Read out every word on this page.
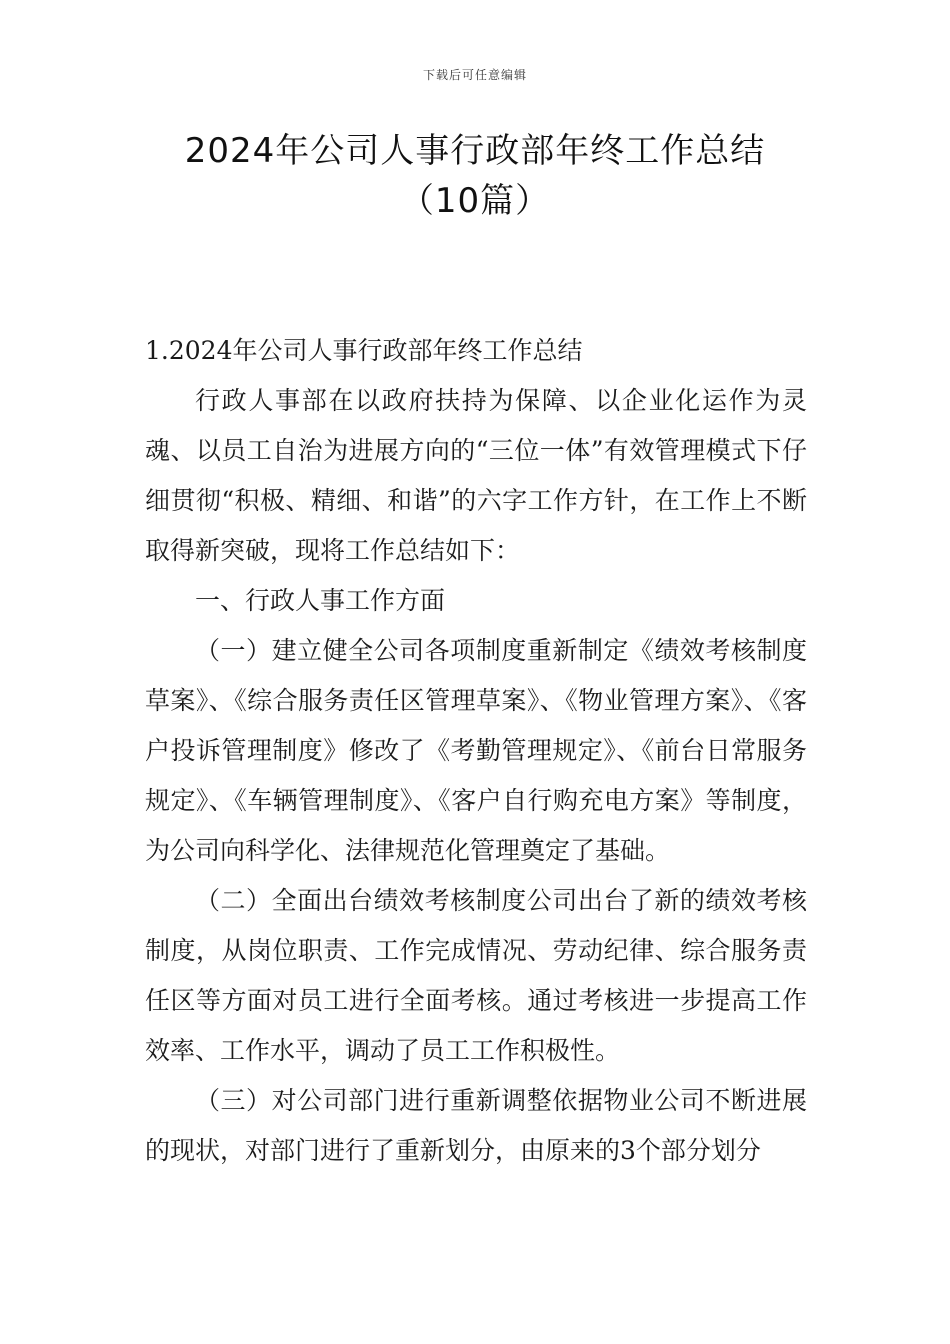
下载后可任意编辑
2024年公司人事行政部年终工作总结（10篇）

1.2024年公司人事行政部年终工作总结

行政人事部在以政府扶持为保障、以企业化运作为灵魂、以员工自治为进展方向的“三位一体”有效管理模式下仔细贯彻“积极、精细、和谐”的六字工作方针，在工作上不断取得新突破，现将工作总结如下：

一、行政人事工作方面

（一）建立健全公司各项制度重新制定《绩效考核制度草案》、《综合服务责任区管理草案》、《物业管理方案》、《客户投诉管理制度》修改了《考勤管理规定》、《前台日常服务规定》、《车辆管理制度》、《客户自行购充电方案》等制度，为公司向科学化、法律规范化管理奠定了基础。

（二）全面出台绩效考核制度公司出台了新的绩效考核制度，从岗位职责、工作完成情况、劳动纪律、综合服务责任区等方面对员工进行全面考核。通过考核进一步提高工作效率、工作水平，调动了员工工作积极性。

（三）对公司部门进行重新调整依据物业公司不断进展的现状，对部门进行了重新划分，由原来的3个部分划分
